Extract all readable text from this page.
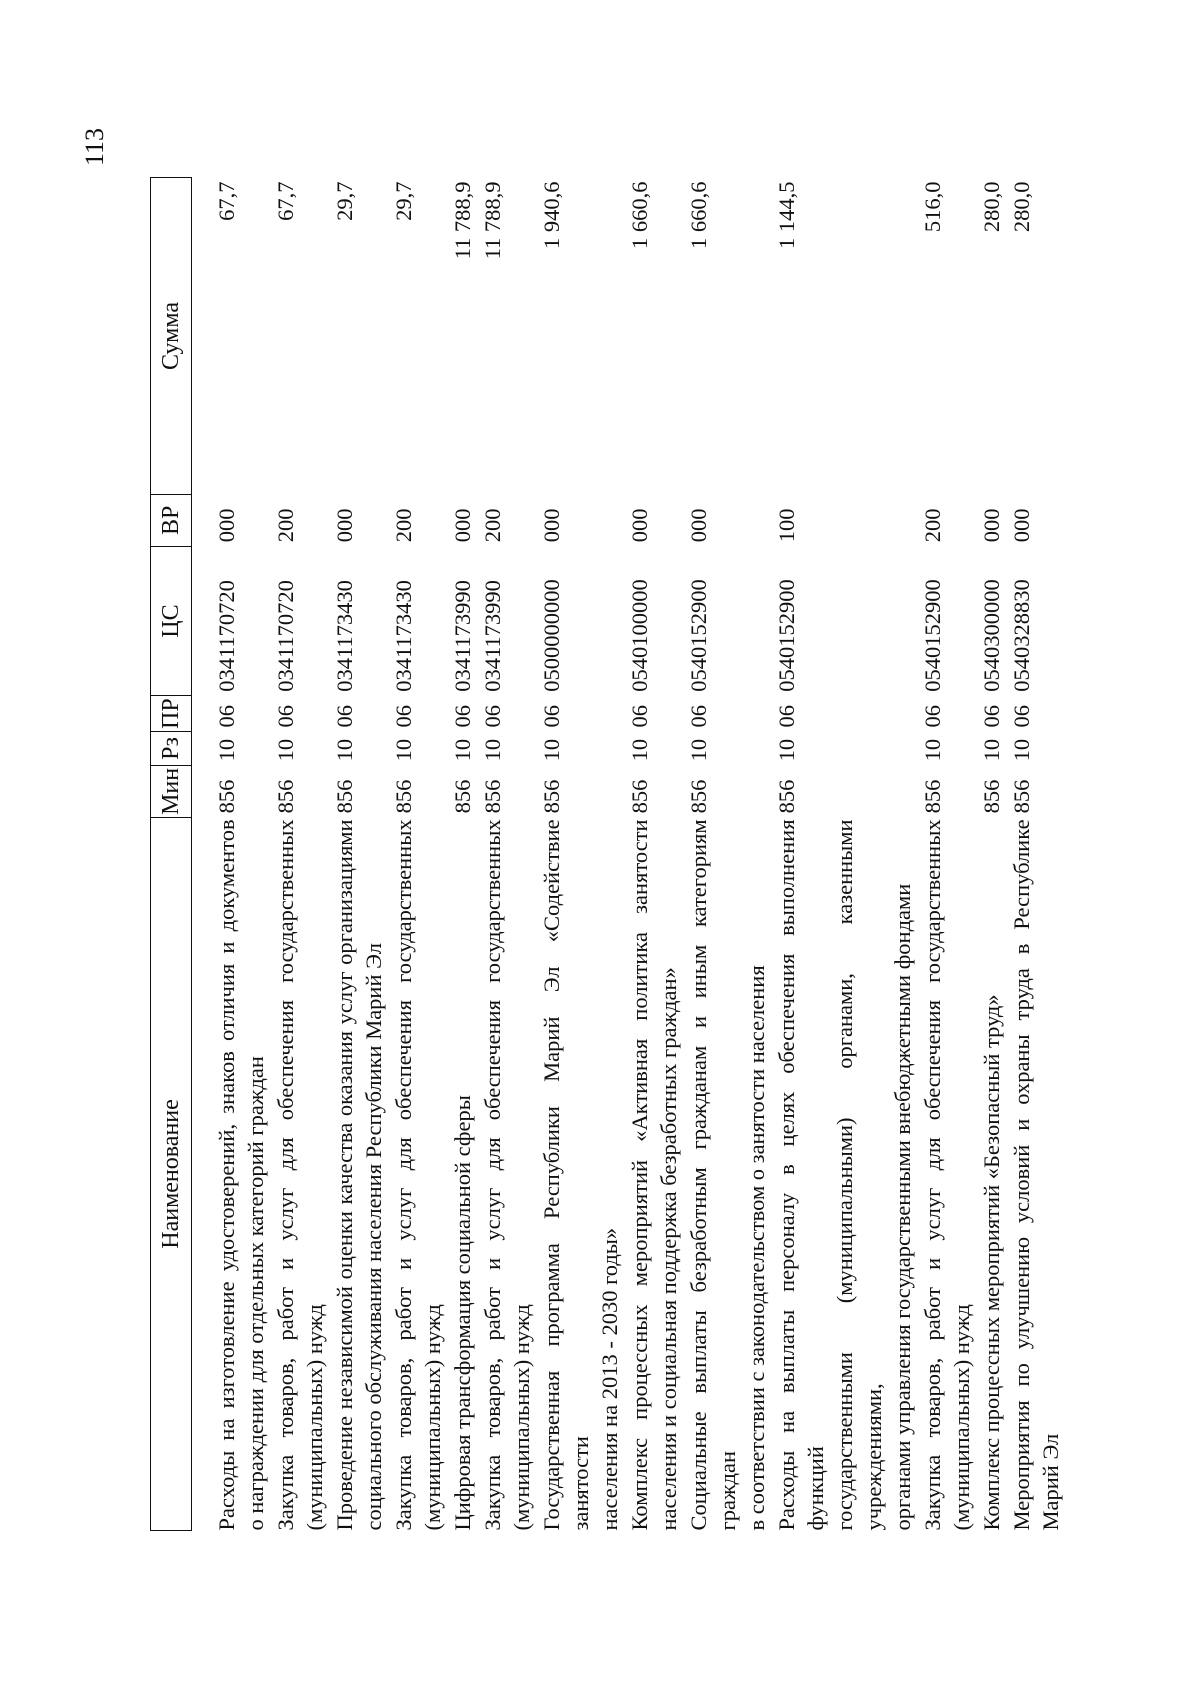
113
Наименование	Мин	Рз	ПР	ЦС	ВР	Сумма

Расходы на изготовление удостоверений, знаков отличия и документов о награждении для отдельных категорий граждан	856	10	06	0341170720	000	67,7

Закупка товаров, работ и услуг для обеспечения государственных (муниципальных) нужд	856	10	06	0341170720	200	67,7

Проведение независимой оценки качества оказания услуг организациями социального обслуживания населения Республики Марий Эл	856	10	06	0341173430	000	29,7

Закупка товаров, работ и услуг для обеспечения государственных (муниципальных) нужд	856	10	06	0341173430	200	29,7

Цифровая трансформация социальной сферы	856	10	06	0341173990	000	11 788,9

Закупка товаров, работ и услуг для обеспечения государственных (муниципальных) нужд	856	10	06	0341173990	200	11 788,9

Государственная программа Республики Марий Эл «Содействие занятости населения на 2013 - 2030 годы»	856	10	06	0500000000	000	1 940,6

Комплекс процессных мероприятий «Активная политика занятости населения и социальная поддержка безработных граждан»	856	10	06	0540100000	000	1 660,6

Социальные выплаты безработным гражданам и иным категориям граждан в соответствии с законодательством о занятости населения	856	10	06	0540152900	000	1 660,6

Расходы на выплаты персоналу в целях обеспечения выполнения функций государственными (муниципальными) органами, казенными учреждениями, органами управления государственными внебюджетными фондами	856	10	06	0540152900	100	1 144,5

Закупка товаров, работ и услуг для обеспечения государственных (муниципальных) нужд	856	10	06	0540152900	200	516,0

Комплекс процессных мероприятий «Безопасный труд»	856	10	06	0540300000	000	280,0

Мероприятия по улучшению условий и охраны труда в Республике Марий Эл	856	10	06	0540328830	000	280,0
